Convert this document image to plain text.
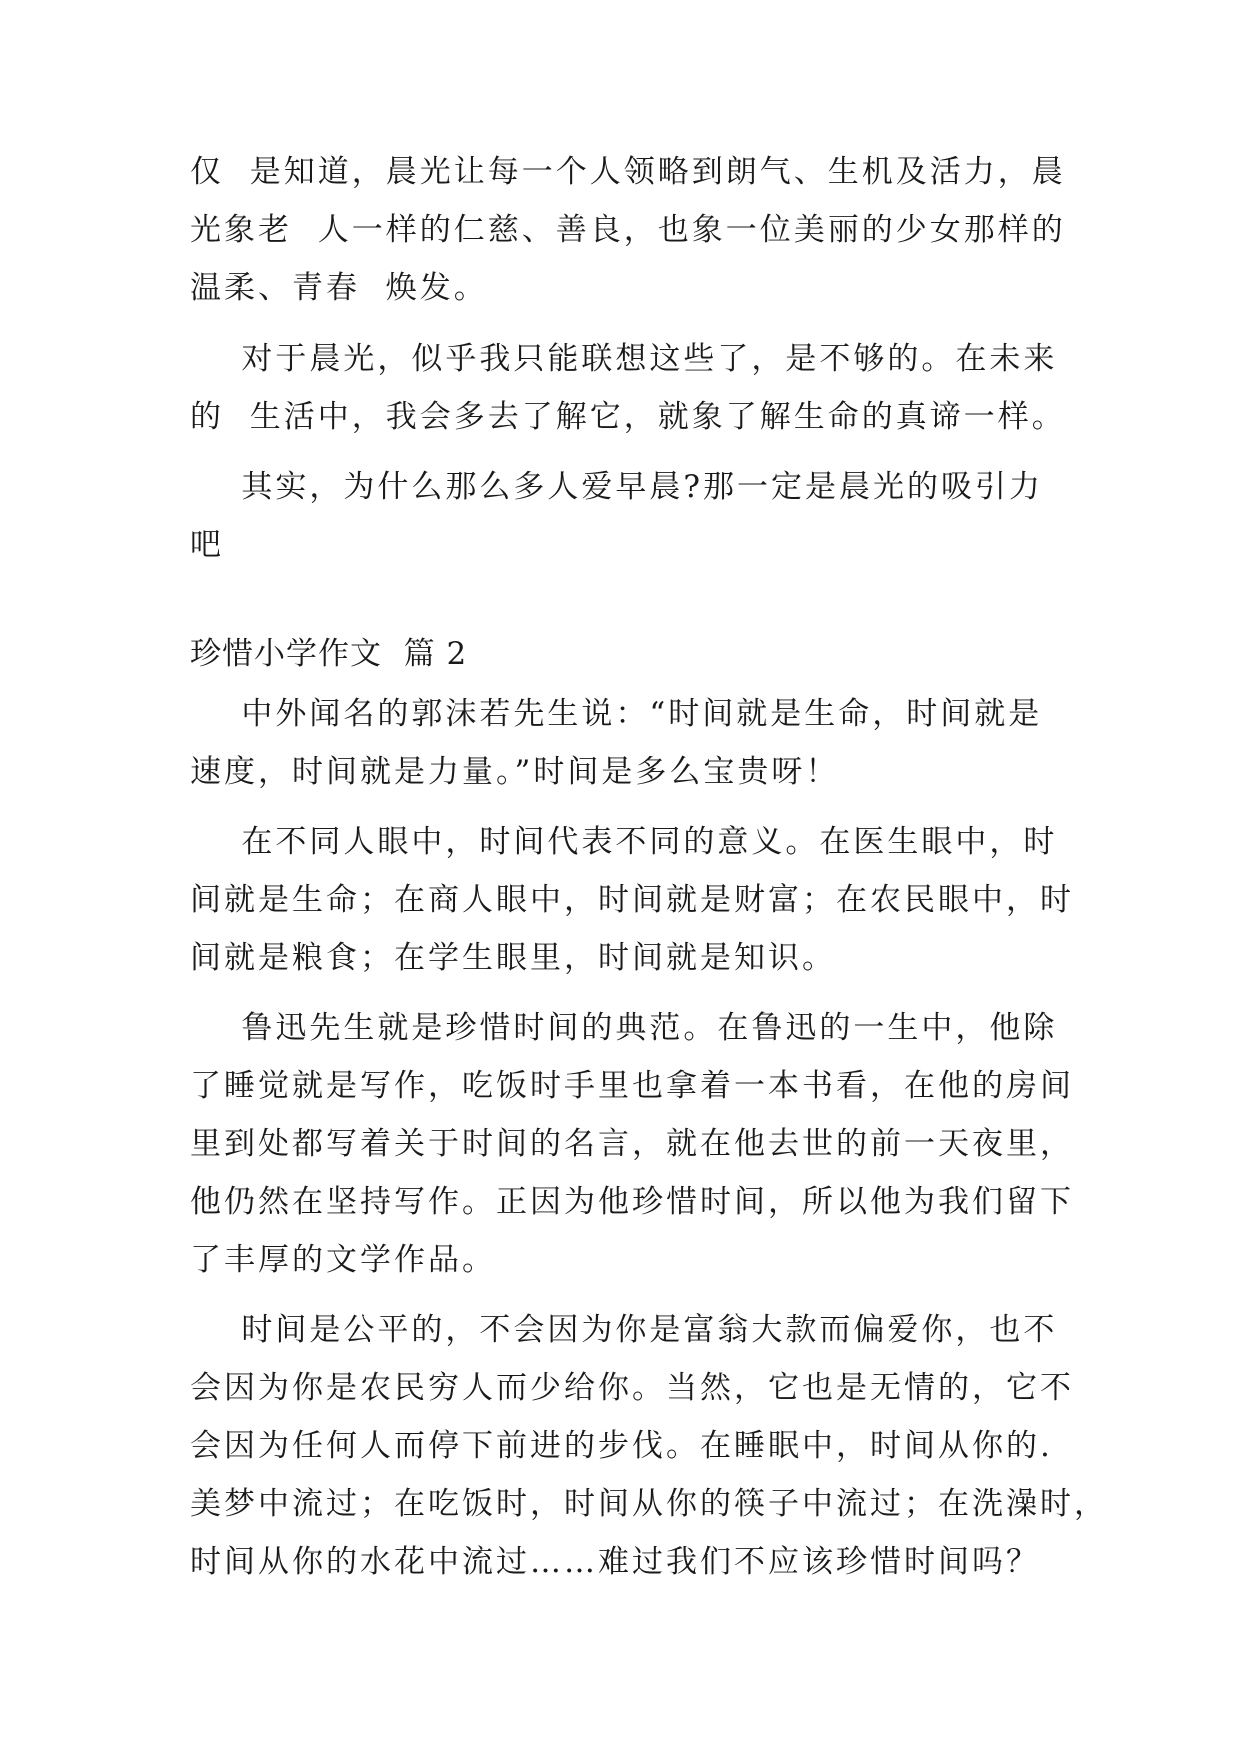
仅  是知道，晨光让每一个人领略到朗气、生机及活力，晨
光象老  人一样的仁慈、善良，也象一位美丽的少女那样的
温柔、青春  焕发。
对于晨光，似乎我只能联想这些了，是不够的。在未来
的  生活中，我会多去了解它，就象了解生命的真谛一样。
其实，为什么那么多人爱早晨?那一定是晨光的吸引力
吧
珍惜小学作文  篇 2
中外闻名的郭沫若先生说：“时间就是生命，时间就是
速度，时间就是力量。”时间是多么宝贵呀！
在不同人眼中，时间代表不同的意义。在医生眼中，时
间就是生命；在商人眼中，时间就是财富；在农民眼中，时
间就是粮食；在学生眼里，时间就是知识。
鲁迅先生就是珍惜时间的典范。在鲁迅的一生中，他除
了睡觉就是写作，吃饭时手里也拿着一本书看，在他的房间
里到处都写着关于时间的名言，就在他去世的前一天夜里，
他仍然在坚持写作。正因为他珍惜时间，所以他为我们留下
了丰厚的文学作品。
时间是公平的，不会因为你是富翁大款而偏爱你，也不
会因为你是农民穷人而少给你。当然，它也是无情的，它不
会因为任何人而停下前进的步伐。在睡眠中，时间从你的.
美梦中流过；在吃饭时，时间从你的筷子中流过；在洗澡时，
时间从你的水花中流过……难过我们不应该珍惜时间吗？
